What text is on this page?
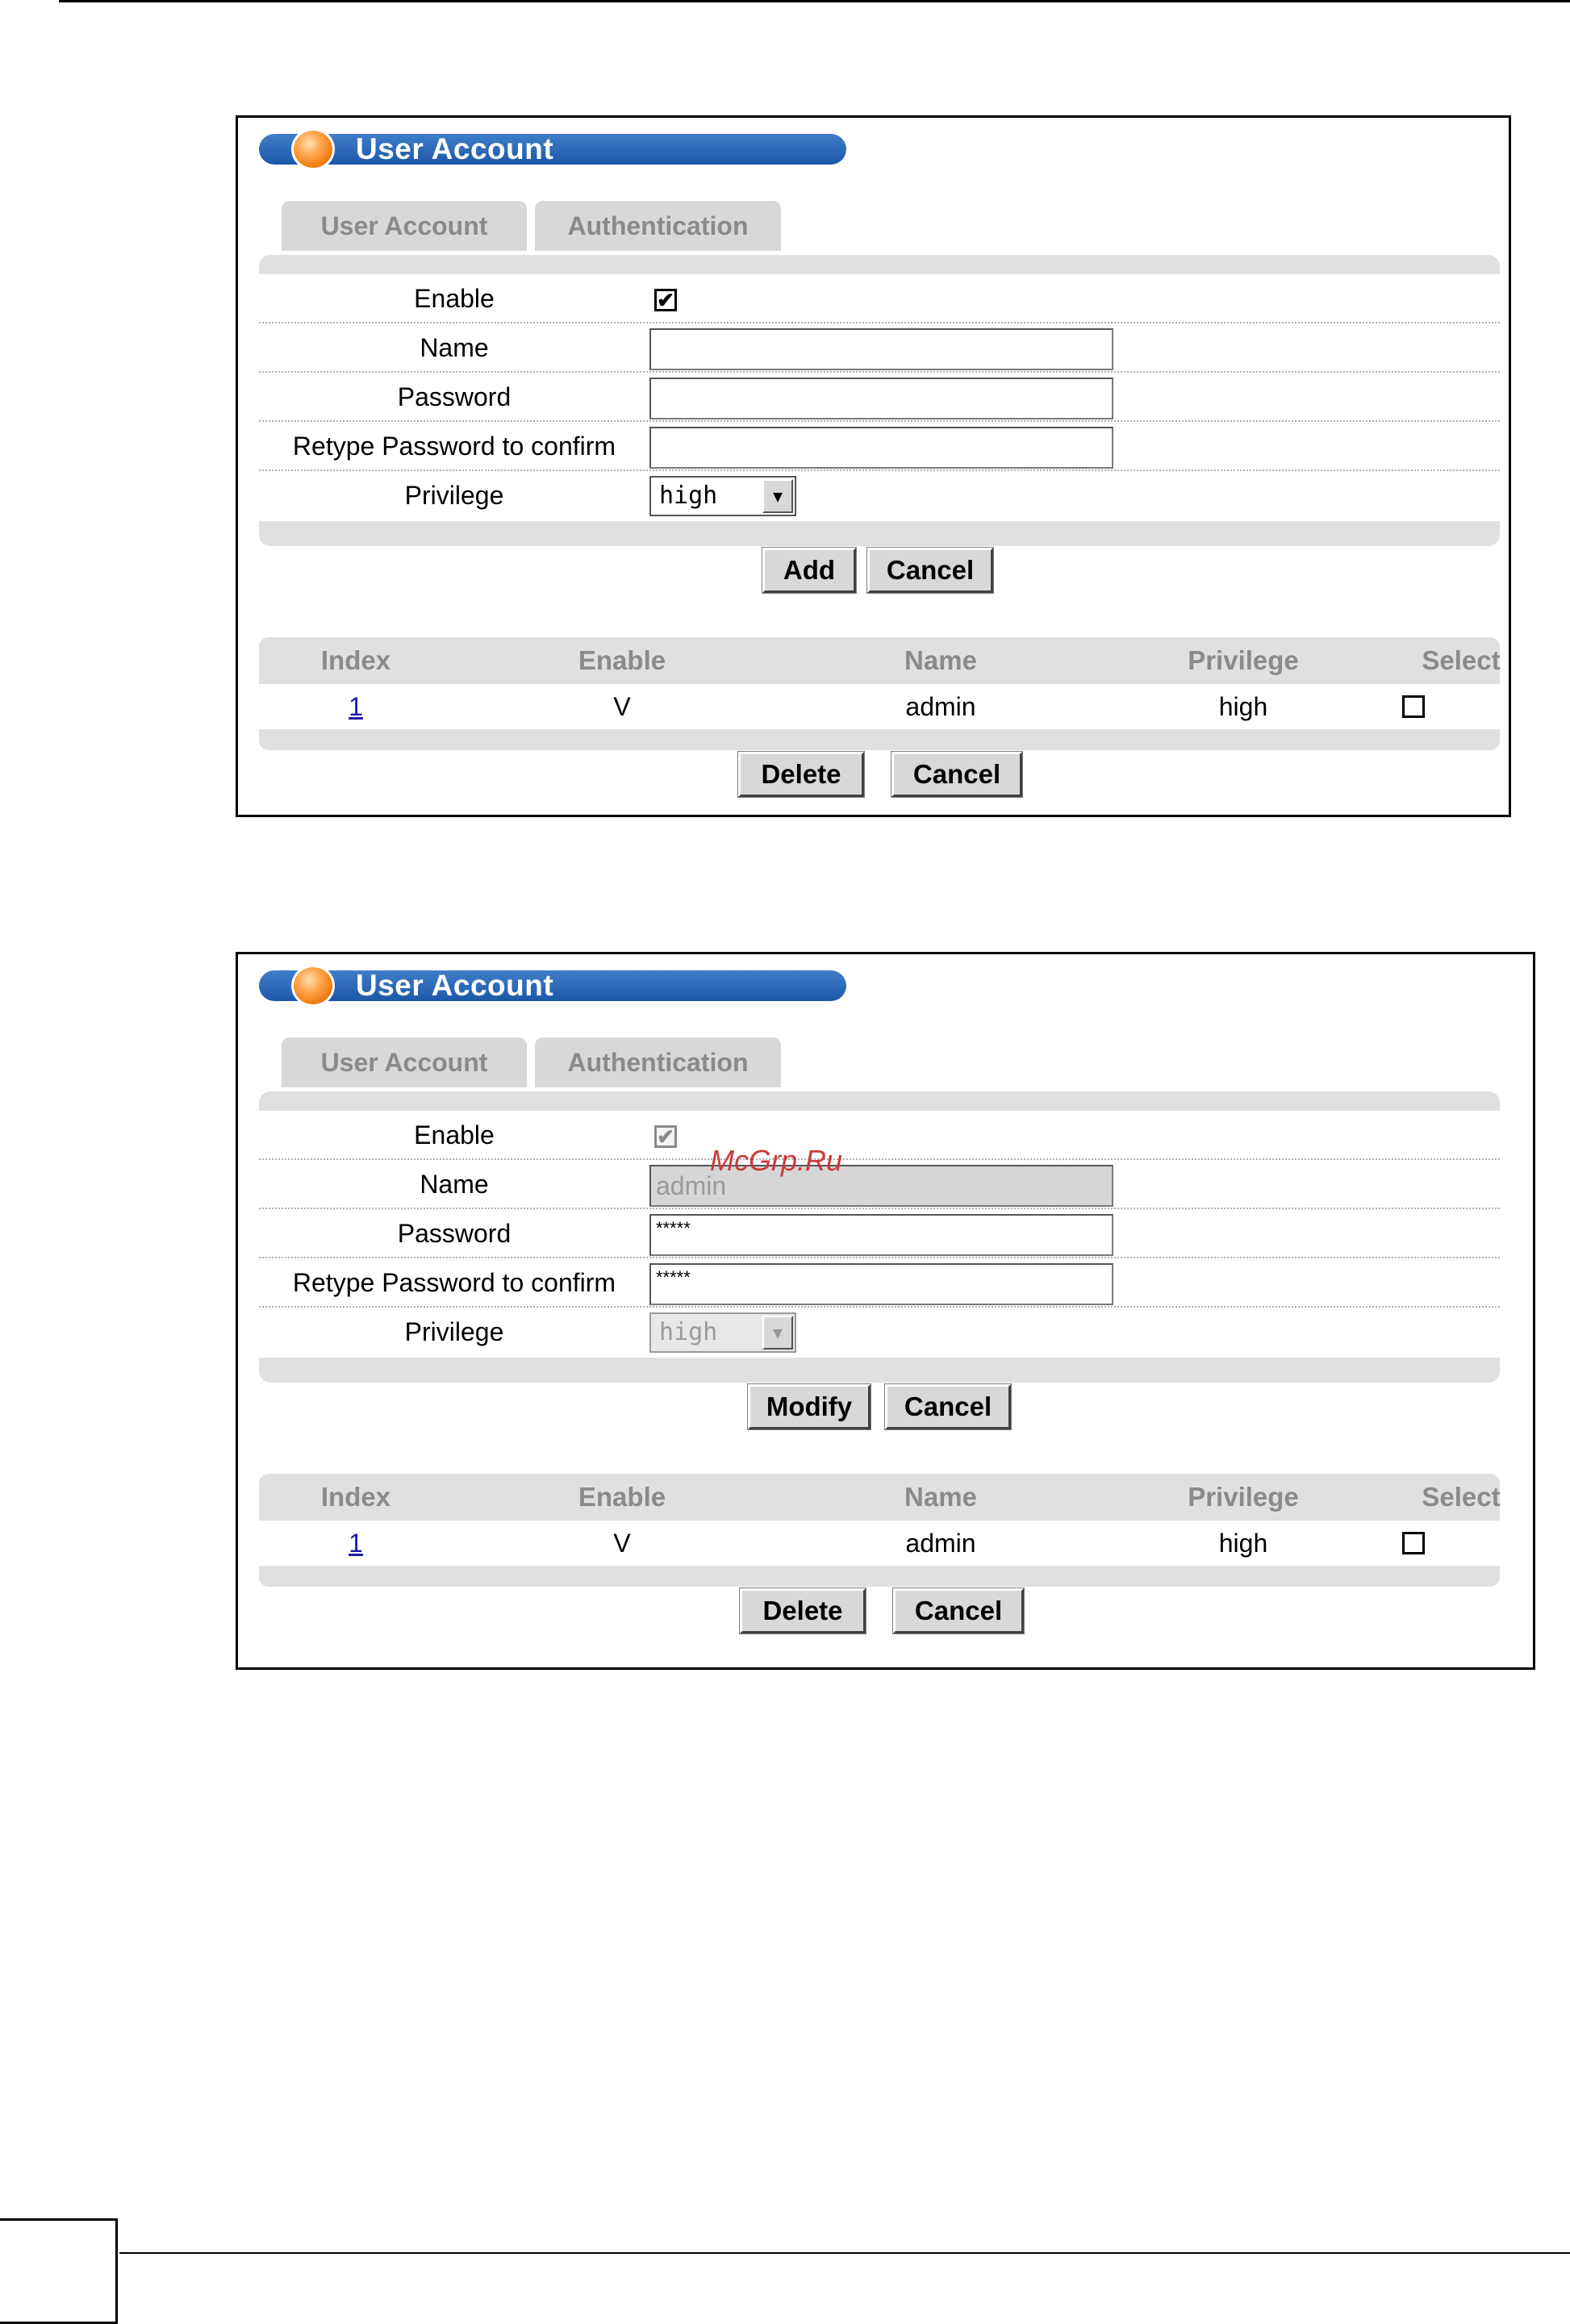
User Account
User Account	Authentication
Enable	✔
Name
Password
Retype Password to confirm
Privilege	high	▼
Add	Cancel
Index	Enable	Name	Privilege	Select
1	V	admin	high
Delete	Cancel
User Account
User Account	Authentication
Enable	✔
Name	admin
Password	*****
Retype Password to confirm	*****
Privilege	high	▼
Modify	Cancel
Index	Enable	Name	Privilege	Select
1	V	admin	high
Delete	Cancel
McGrp.Ru
